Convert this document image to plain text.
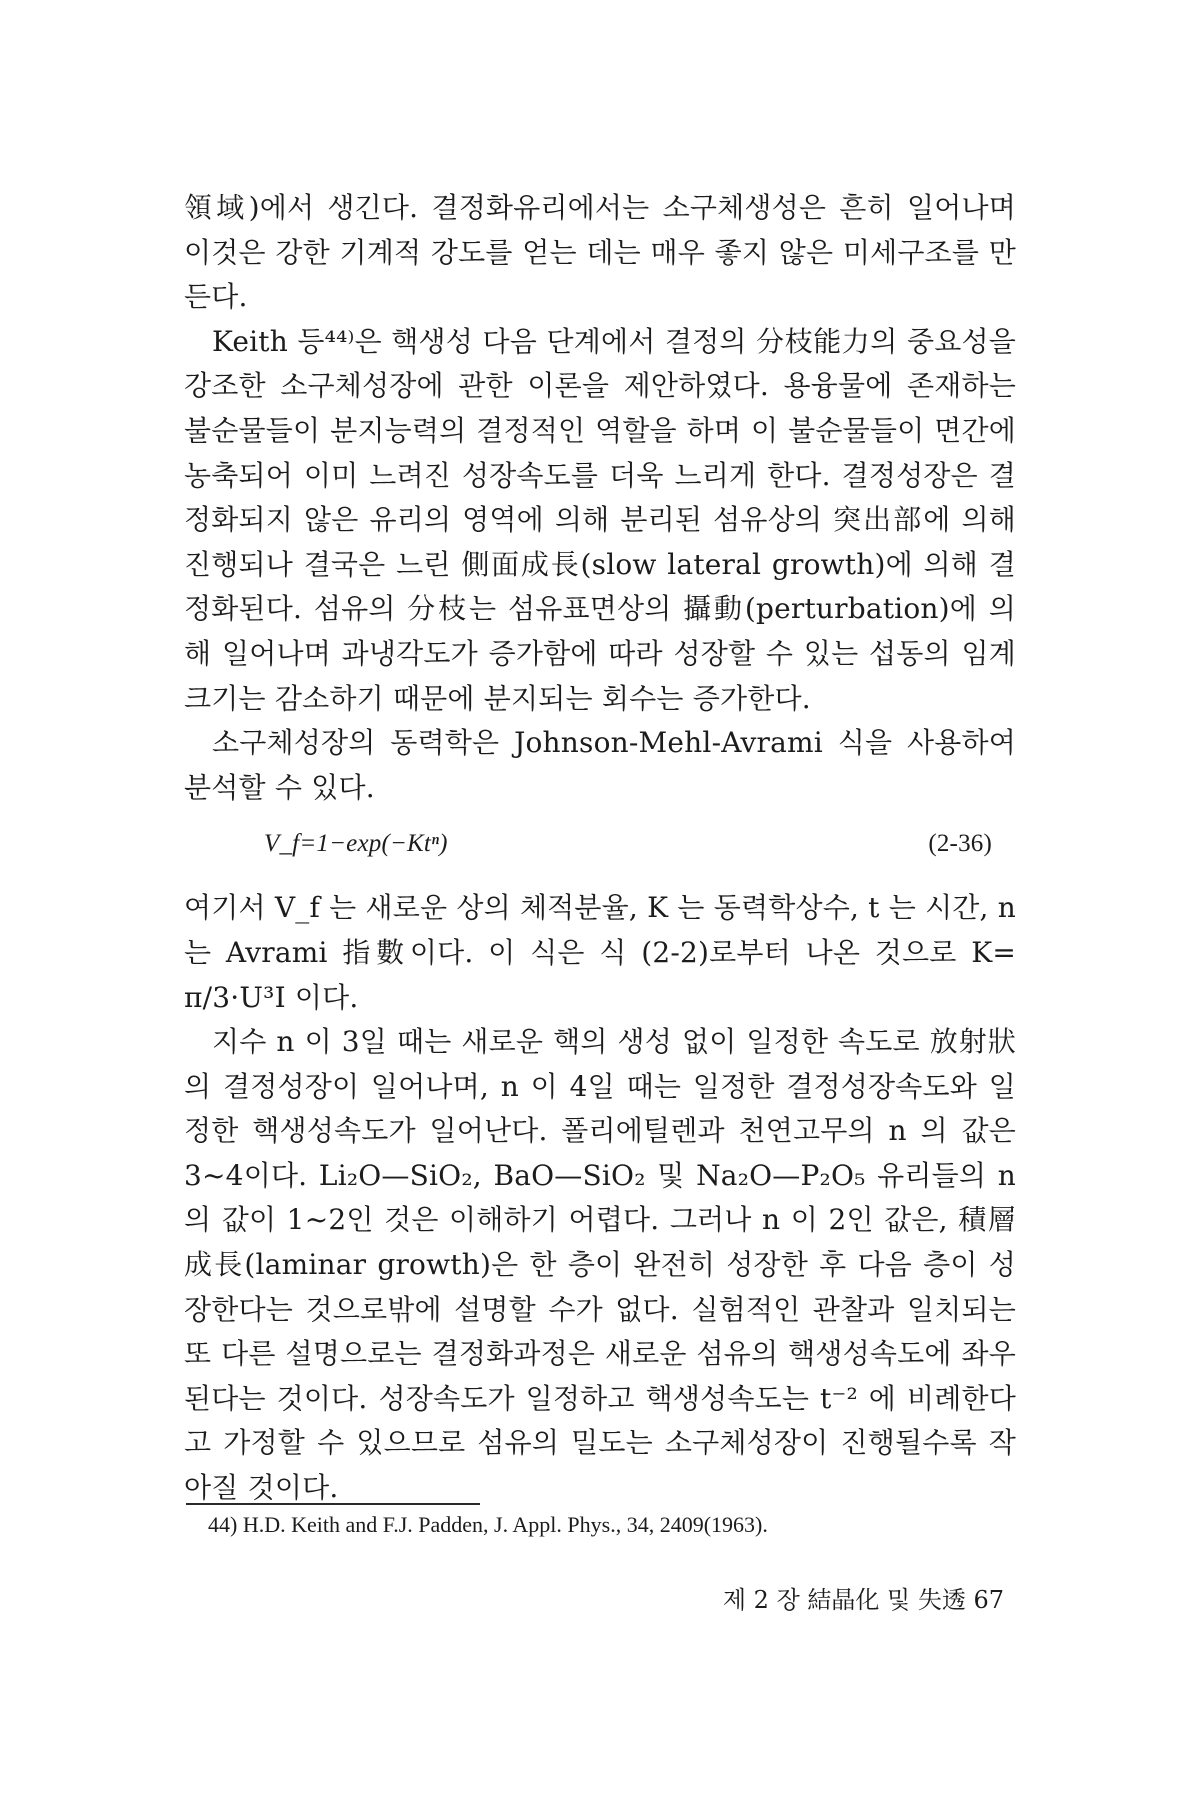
領域)에서 생긴다. 결정화유리에서는 소구체생성은 흔히 일어나며 이것은 강한 기계적 강도를 얻는 데는 매우 좋지 않은 미세구조를 만든다.

Keith 등⁴⁴⁾은 핵생성 다음 단계에서 결정의 分枝能力의 중요성을 강조한 소구체성장에 관한 이론을 제안하였다. 용융물에 존재하는 불순물들이 분지능력의 결정적인 역할을 하며 이 불순물들이 면간에 농축되어 이미 느려진 성장속도를 더욱 느리게 한다. 결정성장은 결정화되지 않은 유리의 영역에 의해 분리된 섬유상의 突出部에 의해 진행되나 결국은 느린 側面成長(slow lateral growth)에 의해 결정화된다. 섬유의 分枝는 섬유표면상의 攝動(perturbation)에 의해 일어나며 과냉각도가 증가함에 따라 성장할 수 있는 섭동의 임계 크기는 감소하기 때문에 분지되는 회수는 증가한다.

소구체성장의 동력학은 Johnson-Mehl-Avrami 식을 사용하여 분석할 수 있다.

V_f=1−exp(−Ktⁿ)	(2-36)

여기서 V_f 는 새로운 상의 체적분율, K 는 동력학상수, t 는 시간, n 는 Avrami 指數이다. 이 식은 식 (2-2)로부터 나온 것으로 K= π/3·U³I 이다.

지수 n 이 3일 때는 새로운 핵의 생성 없이 일정한 속도로 放射狀의 결정성장이 일어나며, n 이 4일 때는 일정한 결정성장속도와 일정한 핵생성속도가 일어난다. 폴리에틸렌과 천연고무의 n 의 값은 3~4이다. Li₂O—SiO₂, BaO—SiO₂ 및 Na₂O—P₂O₅ 유리들의 n 의 값이 1~2인 것은 이해하기 어렵다. 그러나 n 이 2인 값은, 積層成長(laminar growth)은 한 층이 완전히 성장한 후 다음 층이 성장한다는 것으로밖에 설명할 수가 없다. 실험적인 관찰과 일치되는 또 다른 설명으로는 결정화과정은 새로운 섬유의 핵생성속도에 좌우된다는 것이다. 성장속도가 일정하고 핵생성속도는 t⁻² 에 비례한다고 가정할 수 있으므로 섬유의 밀도는 소구체성장이 진행될수록 작아질 것이다.

44) H.D. Keith and F.J. Padden, J. Appl. Phys., 34, 2409(1963).
제 2 장 結晶化 및 失透 67
